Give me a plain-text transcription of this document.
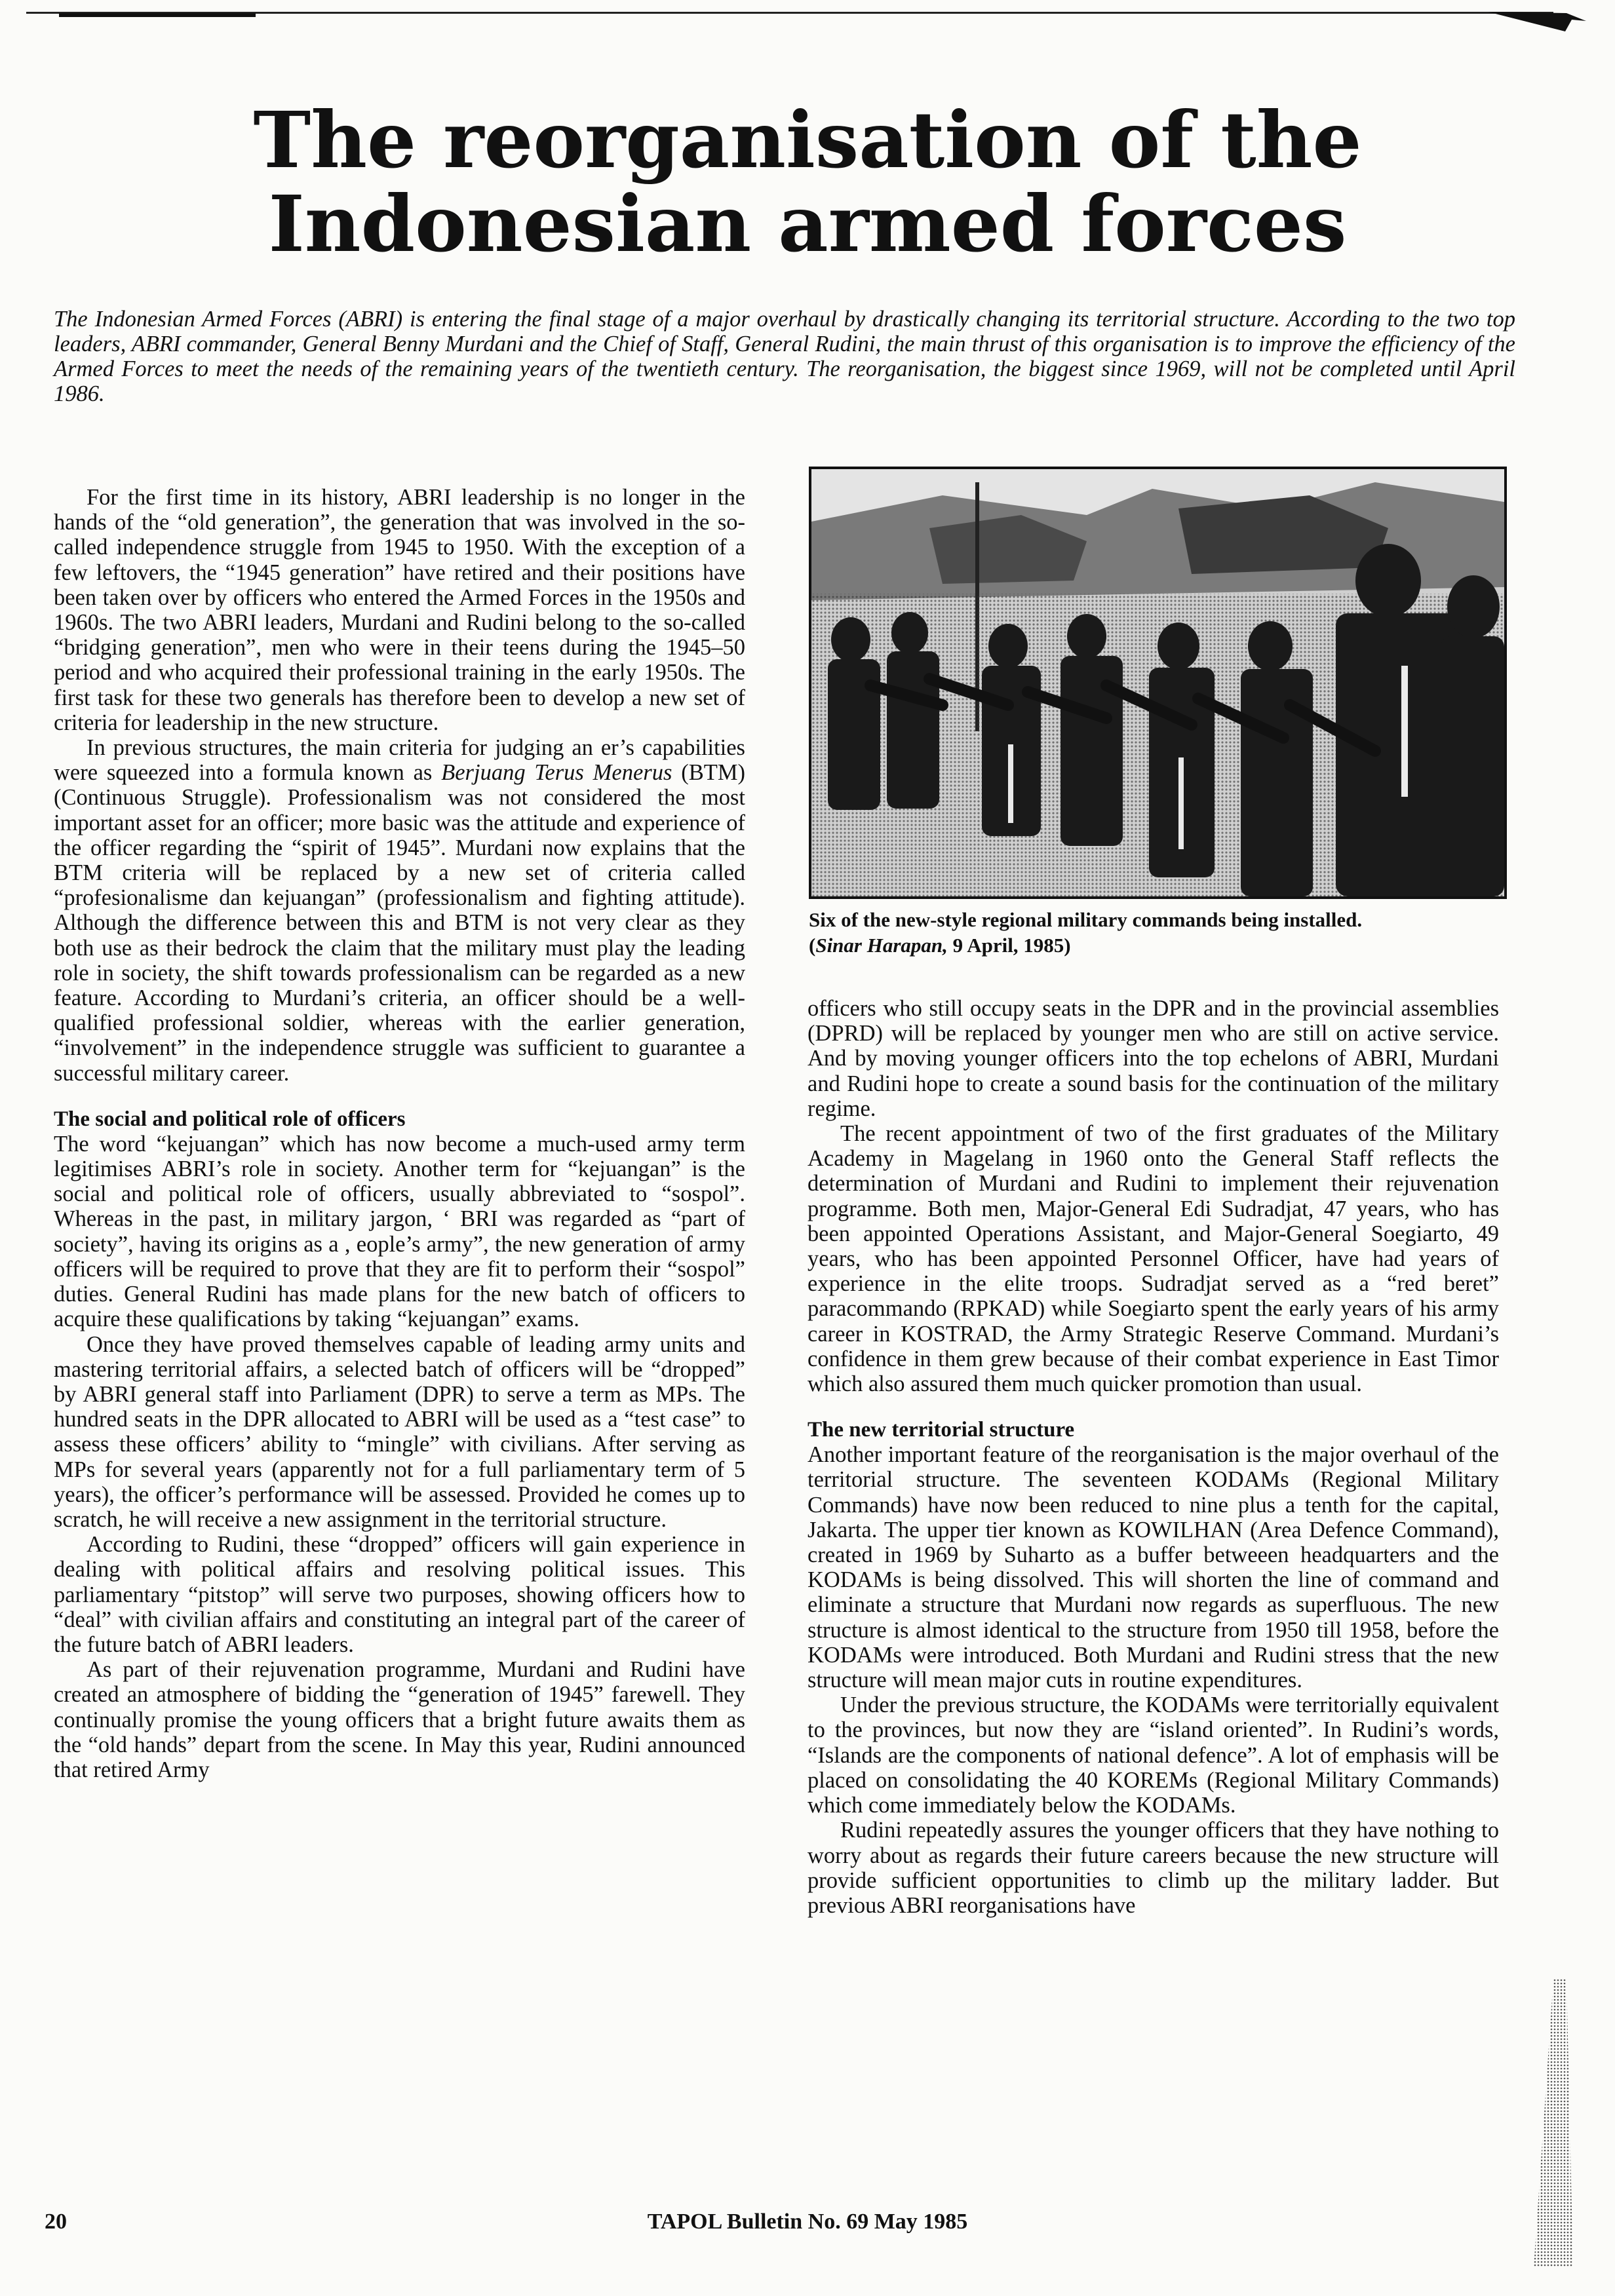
The reorganisation of the Indonesian armed forces

The Indonesian Armed Forces (ABRI) is entering the final stage of a major overhaul by drastically changing its territorial structure. According to the two top leaders, ABRI commander, General Benny Murdani and the Chief of Staff, General Rudini, the main thrust of this organisation is to improve the efficiency of the Armed Forces to meet the needs of the remaining years of the twentieth century. The reorganisation, the biggest since 1969, will not be completed until April 1986.

For the first time in its history, ABRI leadership is no longer in the hands of the “old generation”, the generation that was involved in the so-called independence struggle from 1945 to 1950. With the exception of a few leftovers, the “1945 generation” have retired and their positions have been taken over by officers who entered the Armed Forces in the 1950s and 1960s. The two ABRI leaders, Murdani and Rudini belong to the so-called “bridging generation”, men who were in their teens during the 1945–50 period and who acquired their professional training in the early 1950s. The first task for these two generals has therefore been to develop a new set of criteria for leadership in the new structure.

In previous structures, the main criteria for judging an er’s capabilities were squeezed into a formula known as Berjuang Terus Menerus (BTM) (Continuous Struggle). Professionalism was not considered the most important asset for an officer; more basic was the attitude and experience of the officer regarding the “spirit of 1945”. Murdani now explains that the BTM criteria will be replaced by a new set of criteria called “profesionalisme dan kejuangan” (professionalism and fighting attitude). Although the difference between this and BTM is not very clear as they both use as their bedrock the claim that the military must play the leading role in society, the shift towards professionalism can be regarded as a new feature. According to Murdani’s criteria, an officer should be a well-qualified professional soldier, whereas with the earlier generation, “involvement” in the independence struggle was sufficient to guarantee a successful military career.

The social and political role of officers

The word “kejuangan” which has now become a much-used army term legitimises ABRI’s role in society. Another term for “kejuangan” is the social and political role of officers, usually abbreviated to “sospol”. Whereas in the past, in military jargon, ‘ BRI was regarded as “part of society”, having its origins as a , eople’s army”, the new generation of army officers will be required to prove that they are fit to perform their “sospol” duties. General Rudini has made plans for the new batch of officers to acquire these qualifications by taking “kejuangan” exams.

Once they have proved themselves capable of leading army units and mastering territorial affairs, a selected batch of officers will be “dropped” by ABRI general staff into Parliament (DPR) to serve a term as MPs. The hundred seats in the DPR allocated to ABRI will be used as a “test case” to assess these officers’ ability to “mingle” with civilians. After serving as MPs for several years (apparently not for a full parliamentary term of 5 years), the officer’s performance will be assessed. Provided he comes up to scratch, he will receive a new assignment in the territorial structure.

According to Rudini, these “dropped” officers will gain experience in dealing with political affairs and resolving political issues. This parliamentary “pitstop” will serve two purposes, showing officers how to “deal” with civilian affairs and constituting an integral part of the career of the future batch of ABRI leaders.

As part of their rejuvenation programme, Murdani and Rudini have created an atmosphere of bidding the “generation of 1945” farewell. They continually promise the young officers that a bright future awaits them as the “old hands” depart from the scene. In May this year, Rudini announced that retired Army

Six of the new-style regional military commands being installed.

(Sinar Harapan, 9 April, 1985)

officers who still occupy seats in the DPR and in the provincial assemblies (DPRD) will be replaced by younger men who are still on active service. And by moving younger officers into the top echelons of ABRI, Murdani and Rudini hope to create a sound basis for the continuation of the military regime.

The recent appointment of two of the first graduates of the Military Academy in Magelang in 1960 onto the General Staff reflects the determination of Murdani and Rudini to implement their rejuvenation programme. Both men, Major-General Edi Sudradjat, 47 years, who has been appointed Operations Assistant, and Major-General Soegiarto, 49 years, who has been appointed Personnel Officer, have had years of experience in the elite troops. Sudradjat served as a “red beret” paracommando (RPKAD) while Soegiarto spent the early years of his army career in KOSTRAD, the Army Strategic Reserve Command. Murdani’s confidence in them grew because of their combat experience in East Timor which also assured them much quicker promotion than usual.

The new territorial structure

Another important feature of the reorganisation is the major overhaul of the territorial structure. The seventeen KODAMs (Regional Military Commands) have now been reduced to nine plus a tenth for the capital, Jakarta. The upper tier known as KOWILHAN (Area Defence Command), created in 1969 by Suharto as a buffer betweeen headquarters and the KODAMs is being dissolved. This will shorten the line of command and eliminate a structure that Murdani now regards as superfluous. The new structure is almost identical to the structure from 1950 till 1958, before the KODAMs were introduced. Both Murdani and Rudini stress that the new structure will mean major cuts in routine expenditures.

Under the previous structure, the KODAMs were territorially equivalent to the provinces, but now they are “island oriented”. In Rudini’s words, “Islands are the components of national defence”. A lot of emphasis will be placed on consolidating the 40 KOREMs (Regional Military Commands) which come immediately below the KODAMs.

Rudini repeatedly assures the younger officers that they have nothing to worry about as regards their future careers because the new structure will provide sufficient opportunities to climb up the military ladder. But previous ABRI reorganisations have

20	TAPOL Bulletin No. 69 May 1985
